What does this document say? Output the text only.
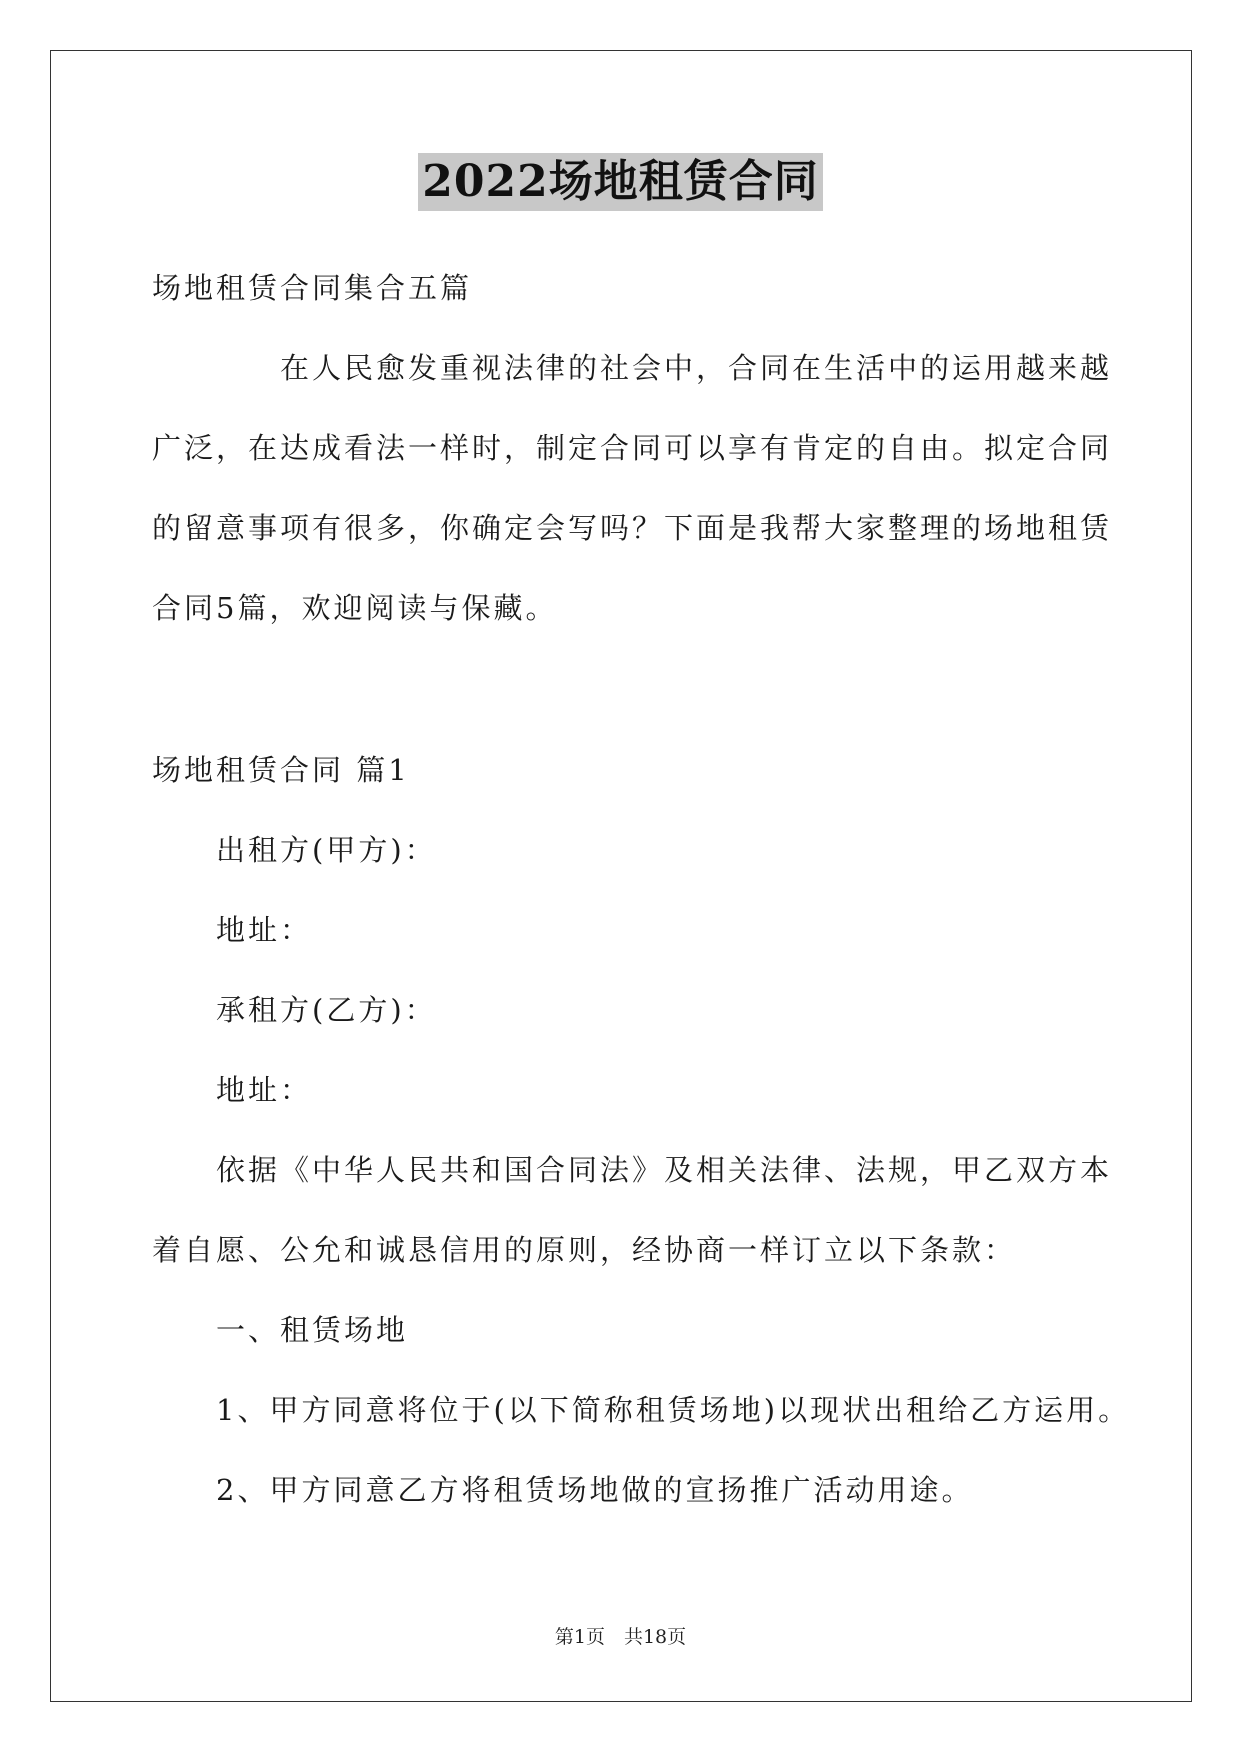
2022场地租赁合同
场地租赁合同集合五篇
在人民愈发重视法律的社会中，合同在生活中的运用越来越
广泛，在达成看法一样时，制定合同可以享有肯定的自由。拟定合同
的留意事项有很多，你确定会写吗？下面是我帮大家整理的场地租赁
合同5篇，欢迎阅读与保藏。
场地租赁合同 篇1
出租方(甲方)：
地址：
承租方(乙方)：
地址：
依据《中华人民共和国合同法》及相关法律、法规，甲乙双方本
着自愿、公允和诚恳信用的原则，经协商一样订立以下条款：
一、租赁场地
1、甲方同意将位于(以下简称租赁场地)以现状出租给乙方运用。
2、甲方同意乙方将租赁场地做的宣扬推广活动用途。
第1页　共18页
